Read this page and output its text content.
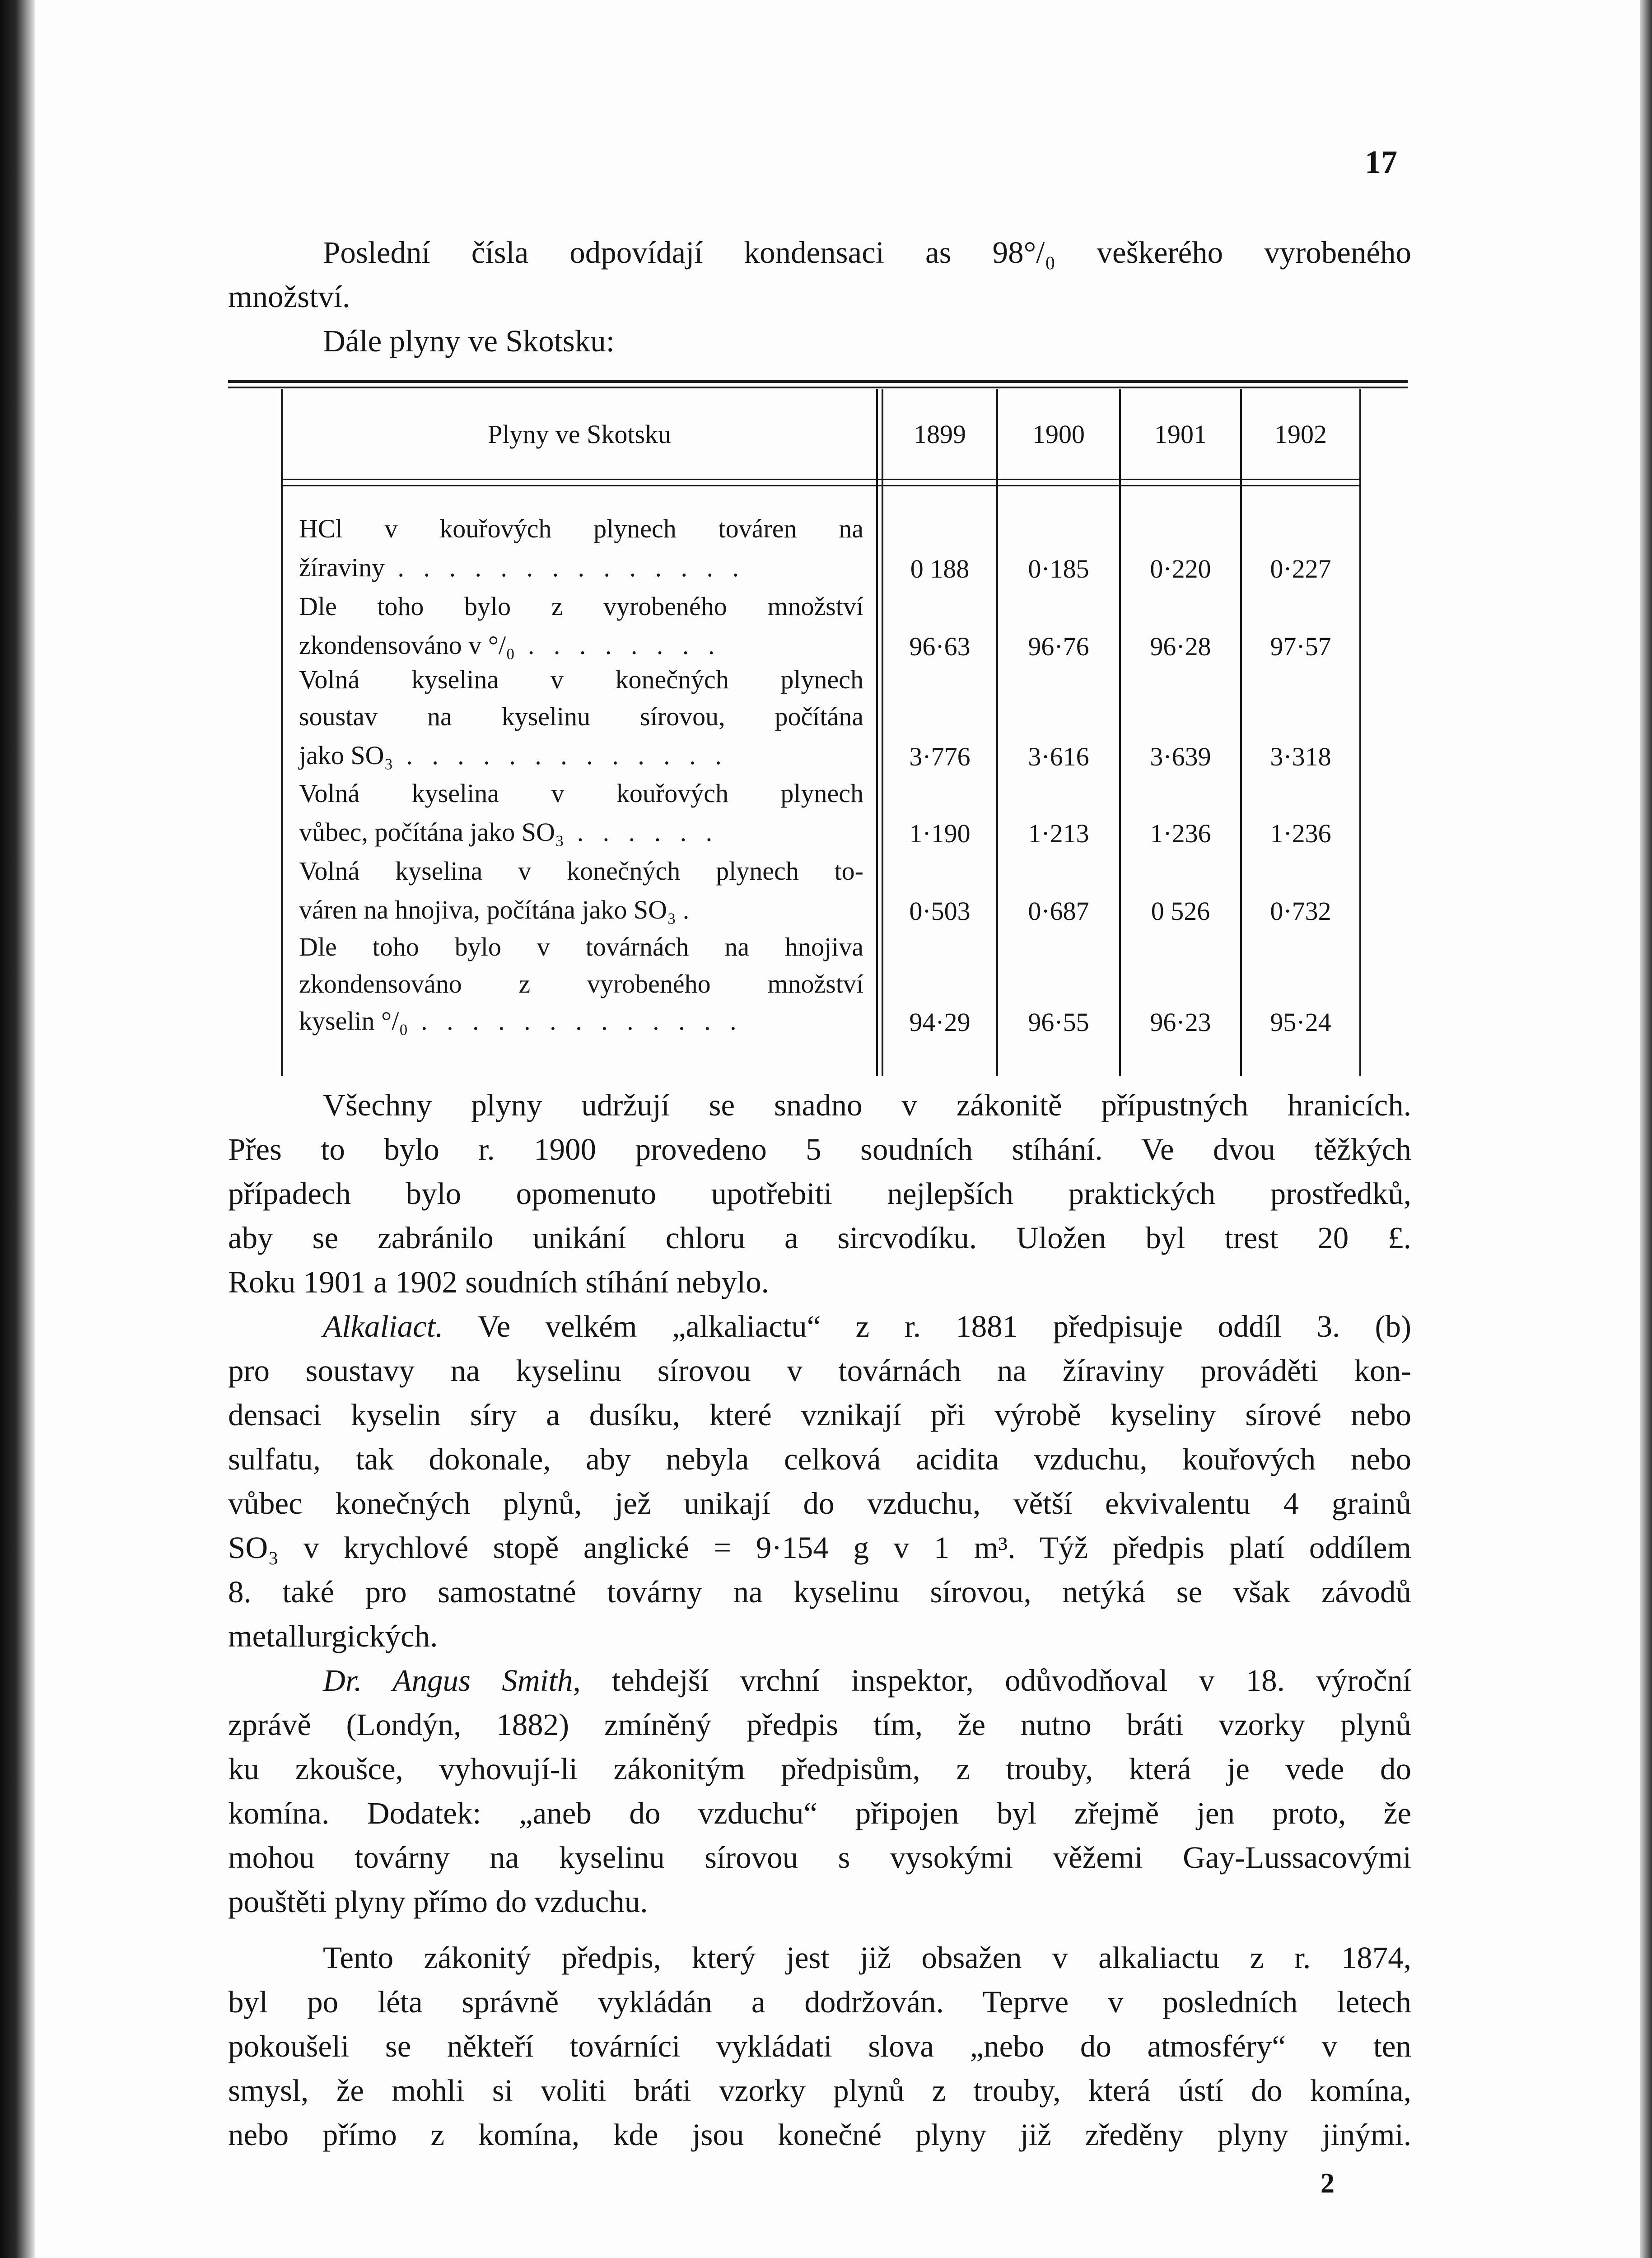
17
Poslední čísla odpovídají kondensaci as 98°/₀ veškerého vyrobeného
množství.
Dále plyny ve Skotsku:
Plyny ve Skotsku	1899	1900	1901	1902
HCl v kouřových plynech továren na
žíraviny . . . . . . . . . . . . . .	0 188	0·185	0·220	0·227
Dle toho bylo z vyrobeného množství
zkondensováno v °/₀ . . . . . . . .	96·63	96·76	96·28	97·57
Volná kyselina v konečných plynech
soustav na kyselinu sírovou, počítána
jako SO₃ . . . . . . . . . . . . .	3·776	3·616	3·639	3·318
Volná kyselina v kouřových plynech
vůbec, počítána jako SO₃ . . . . . .	1·190	1·213	1·236	1·236
Volná kyselina v konečných plynech to-
váren na hnojiva, počítána jako SO₃ .	0·503	0·687	0 526	0·732
Dle toho bylo v továrnách na hnojiva
zkondensováno z vyrobeného množství
kyselin °/₀ . . . . . . . . . . . . .	94·29	96·55	96·23	95·24
Všechny plyny udržují se snadno v zákonitě přípustných hranicích.
Přes to bylo r. 1900 provedeno 5 soudních stíhání. Ve dvou těžkých
případech bylo opomenuto upotřebiti nejlepších praktických prostředků,
aby se zabránilo unikání chloru a sircvodíku. Uložen byl trest 20 £.
Roku 1901 a 1902 soudních stíhání nebylo.
Alkaliact. Ve velkém „alkaliactu“ z r. 1881 předpisuje oddíl 3. (b)
pro soustavy na kyselinu sírovou v továrnách na žíraviny prováděti kon-
densaci kyselin síry a dusíku, které vznikají při výrobě kyseliny sírové nebo
sulfatu, tak dokonale, aby nebyla celková acidita vzduchu, kouřových nebo
vůbec konečných plynů, jež unikají do vzduchu, větší ekvivalentu 4 grainů
SO₃ v krychlové stopě anglické = 9·154 g v 1 m³. Týž předpis platí oddílem
8. také pro samostatné továrny na kyselinu sírovou, netýká se však závodů
metallurgických.
Dr. Angus Smith, tehdejší vrchní inspektor, odůvodňoval v 18. výroční
zprávě (Londýn, 1882) zmíněný předpis tím, že nutno bráti vzorky plynů
ku zkoušce, vyhovují-li zákonitým předpisům, z trouby, která je vede do
komína. Dodatek: „aneb do vzduchu“ připojen byl zřejmě jen proto, že
mohou továrny na kyselinu sírovou s vysokými věžemi Gay-Lussacovými
pouštěti plyny přímo do vzduchu.
Tento zákonitý předpis, který jest již obsažen v alkaliactu z r. 1874,
byl po léta správně vykládán a dodržován. Teprve v posledních letech
pokoušeli se někteří továrníci vykládati slova „nebo do atmosféry“ v ten
smysl, že mohli si voliti bráti vzorky plynů z trouby, která ústí do komína,
nebo přímo z komína, kde jsou konečné plyny již zředěny plyny jinými.
2
